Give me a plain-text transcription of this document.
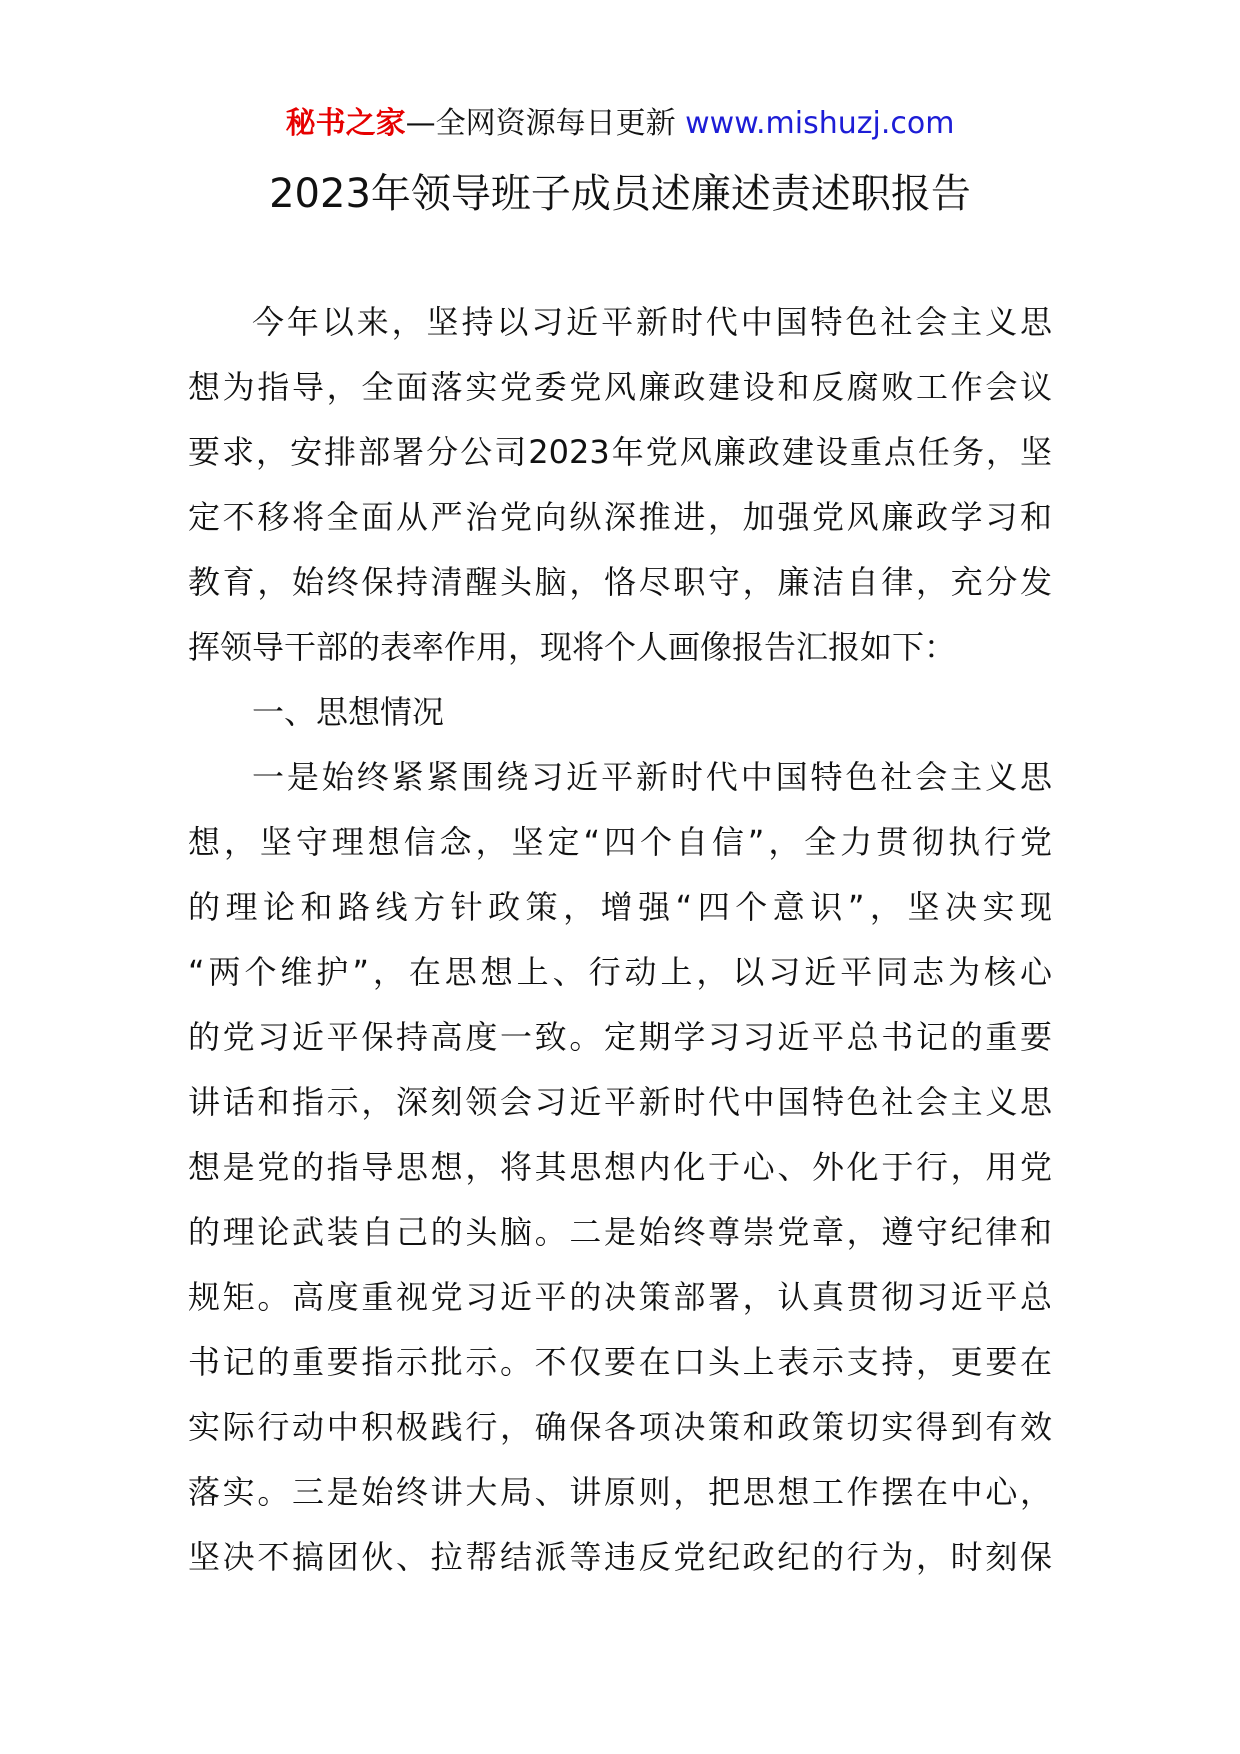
秘书之家—全网资源每日更新 www.mishuzj.com
2023年领导班子成员述廉述责述职报告
今年以来，坚持以习近平新时代中国特色社会主义思
想为指导，全面落实党委党风廉政建设和反腐败工作会议
要求，安排部署分公司2023年党风廉政建设重点任务，坚
定不移将全面从严治党向纵深推进，加强党风廉政学习和
教育，始终保持清醒头脑，恪尽职守，廉洁自律，充分发
挥领导干部的表率作用，现将个人画像报告汇报如下：
一、思想情况
一是始终紧紧围绕习近平新时代中国特色社会主义思
想，坚守理想信念，坚定“四个自信”，全力贯彻执行党
的理论和路线方针政策，增强“四个意识”，坚决实现
“两个维护”，在思想上、行动上，以习近平同志为核心
的党习近平保持高度一致。定期学习习近平总书记的重要
讲话和指示，深刻领会习近平新时代中国特色社会主义思
想是党的指导思想，将其思想内化于心、外化于行，用党
的理论武装自己的头脑。二是始终尊崇党章，遵守纪律和
规矩。高度重视党习近平的决策部署，认真贯彻习近平总
书记的重要指示批示。不仅要在口头上表示支持，更要在
实际行动中积极践行，确保各项决策和政策切实得到有效
落实。三是始终讲大局、讲原则，把思想工作摆在中心，
坚决不搞团伙、拉帮结派等违反党纪政纪的行为，时刻保
